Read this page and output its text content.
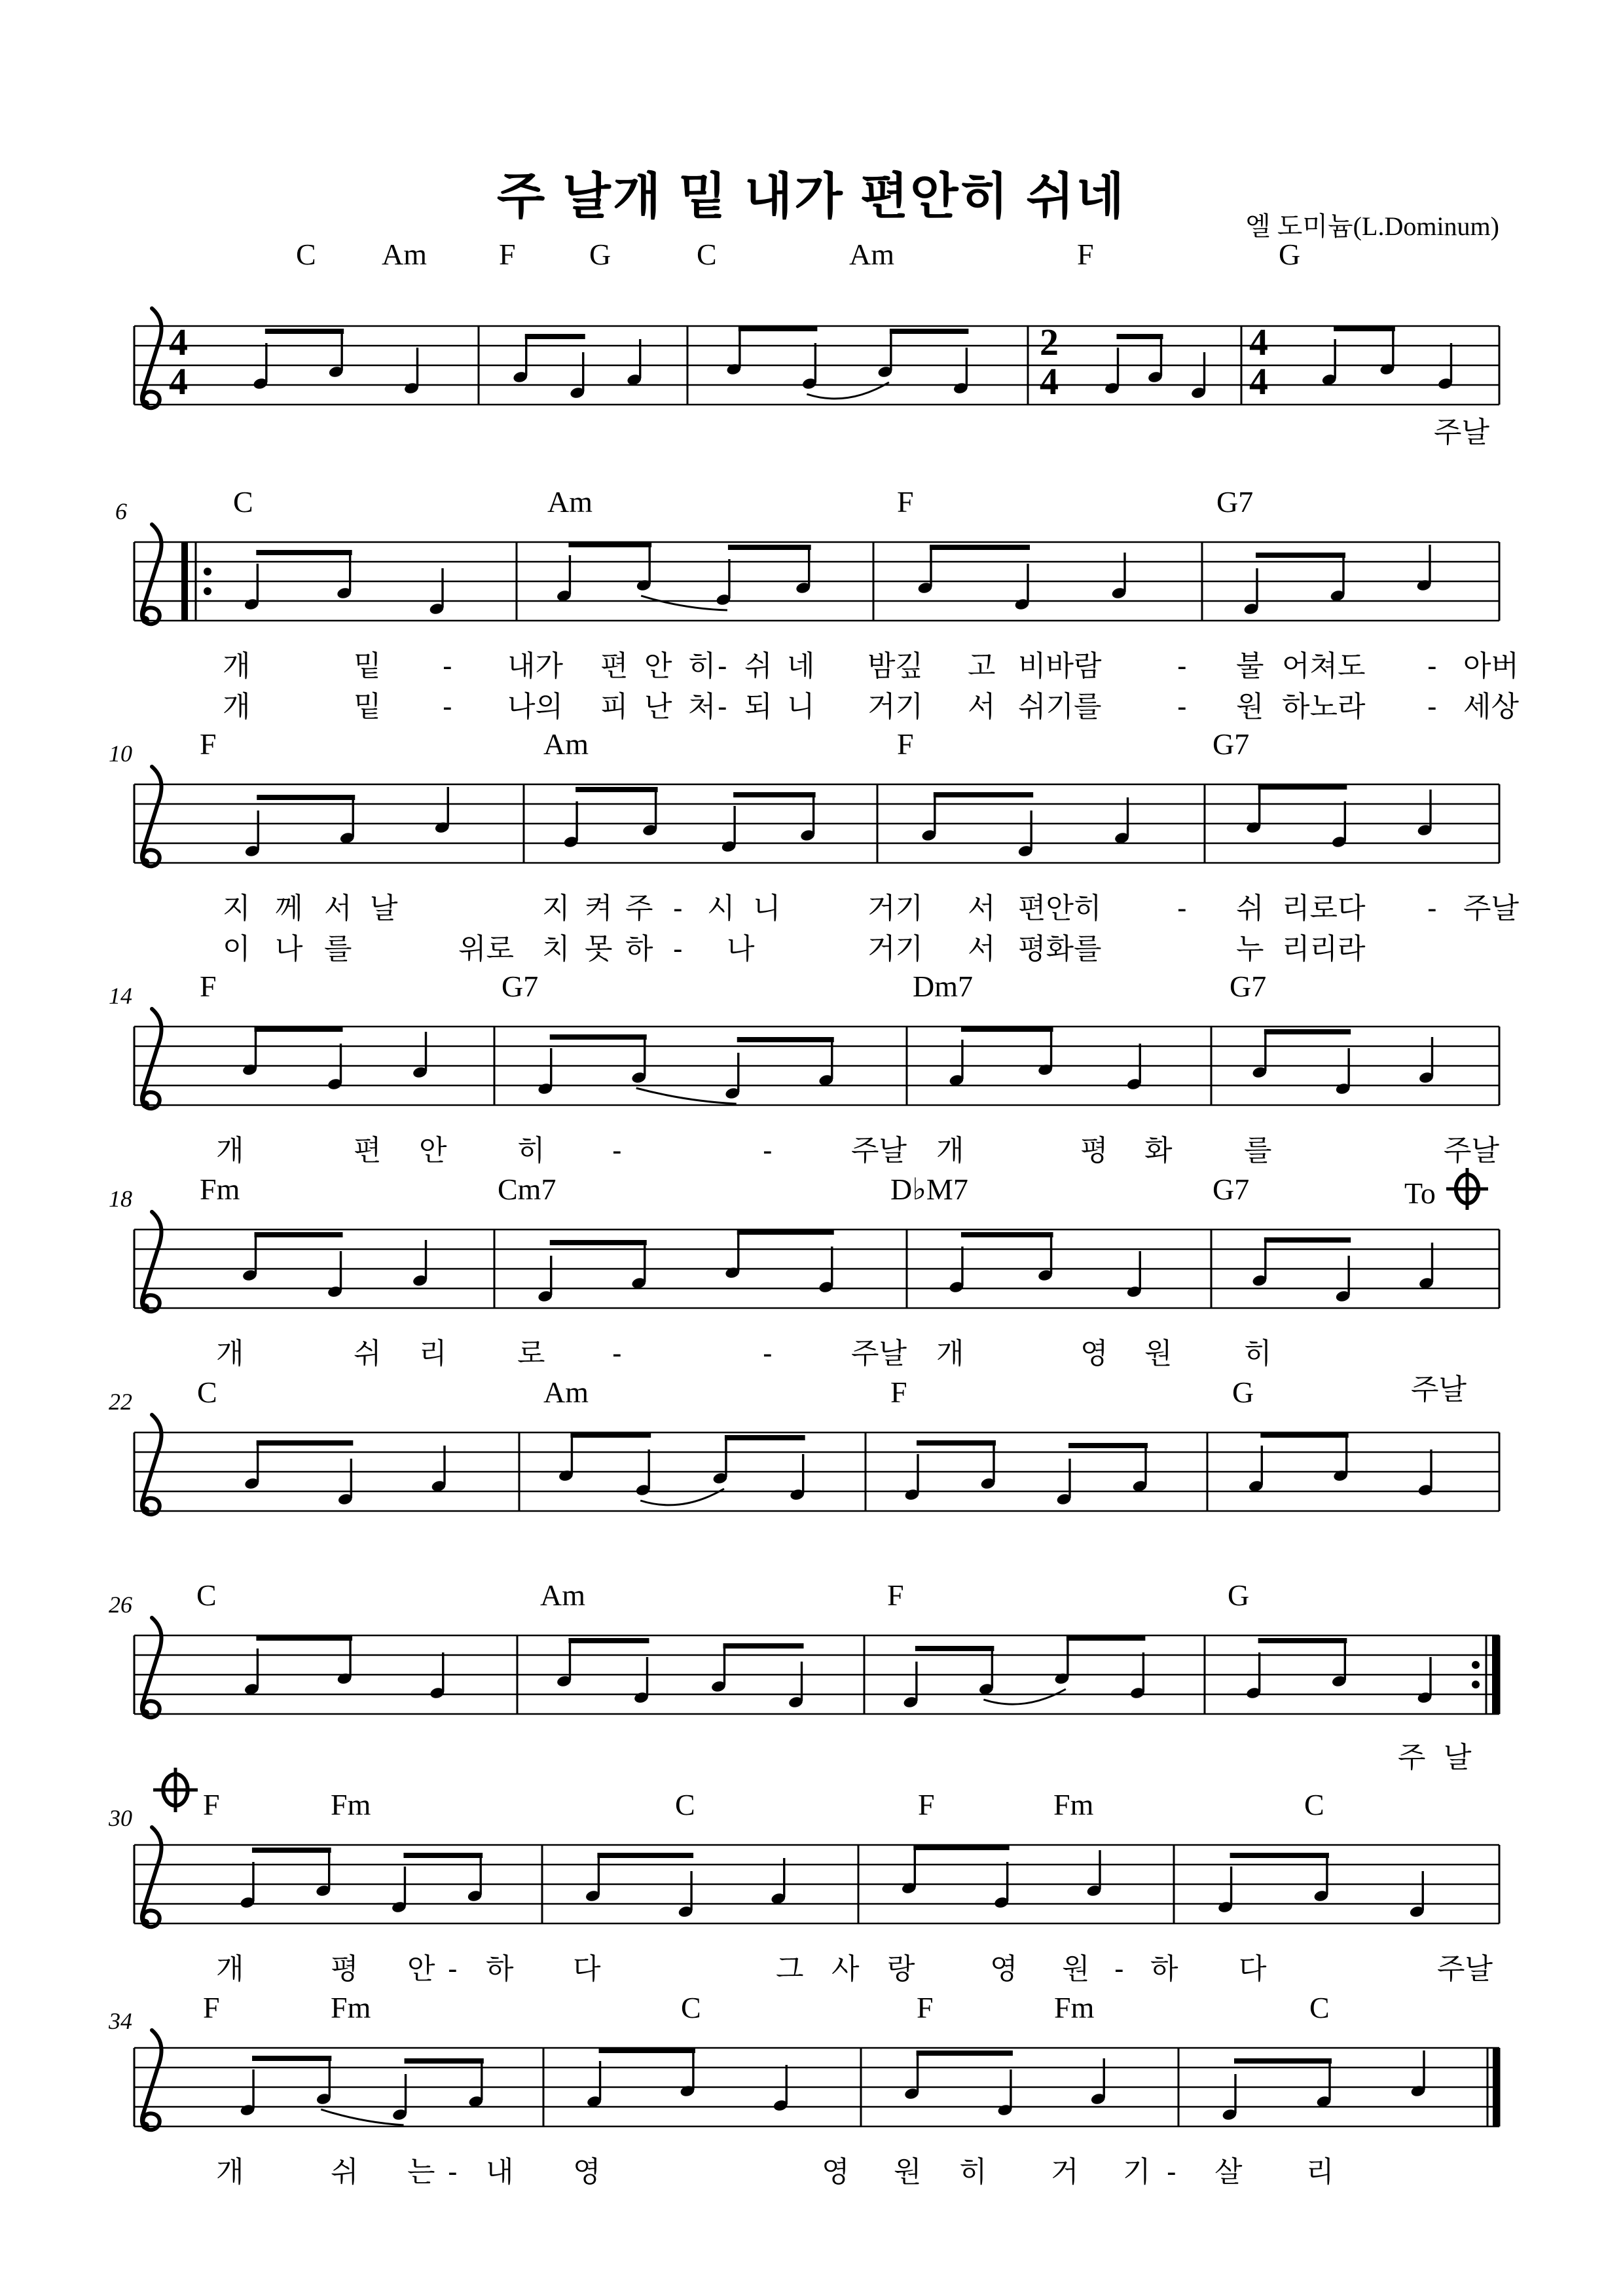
주 날개 밑 내가 편안히 쉬네
엘 도미늄(L.Dominum)
C Am F G	C	Am	F	G
4
4
2
4
4
4
주날
6	C	Am	F	G7
개	밑 - 내가 편 안 히 - 쉬 네 밤깊 고 비바람	- 불 어쳐도 - 아버
개	밑 - 나의 피 난 처 - 되 니 거기 서 쉬기를	- 원 하노라 - 세상
10 F	Am	F	G7
지 께 서 날	지 켜 주 - 시 니	거기 서 편안히	- 쉬 리로다 - 주날
이 나 를	위로 치 못 하 - 나	거기 서 평화를	누 리리라
14 F	G7	Dm7	G7
개	편 안 히 -	-	주날 개	평 화 를	주날
18 Fm	Cm7	D♭M7	G7	To
개	쉬 리 로 -	-	주날 개	영 원 히
주날
22 C	Am	F	G
26 C	Am	F	G
주 날
30 F	Fm	C	F	Fm	C
개	평 안 - 하 다	그 사 랑	영 원 - 하 다	주날
34 F	Fm	C	F	Fm	C
개	쉬 는 - 내 영	영 원 히 거 기 - 살 리
